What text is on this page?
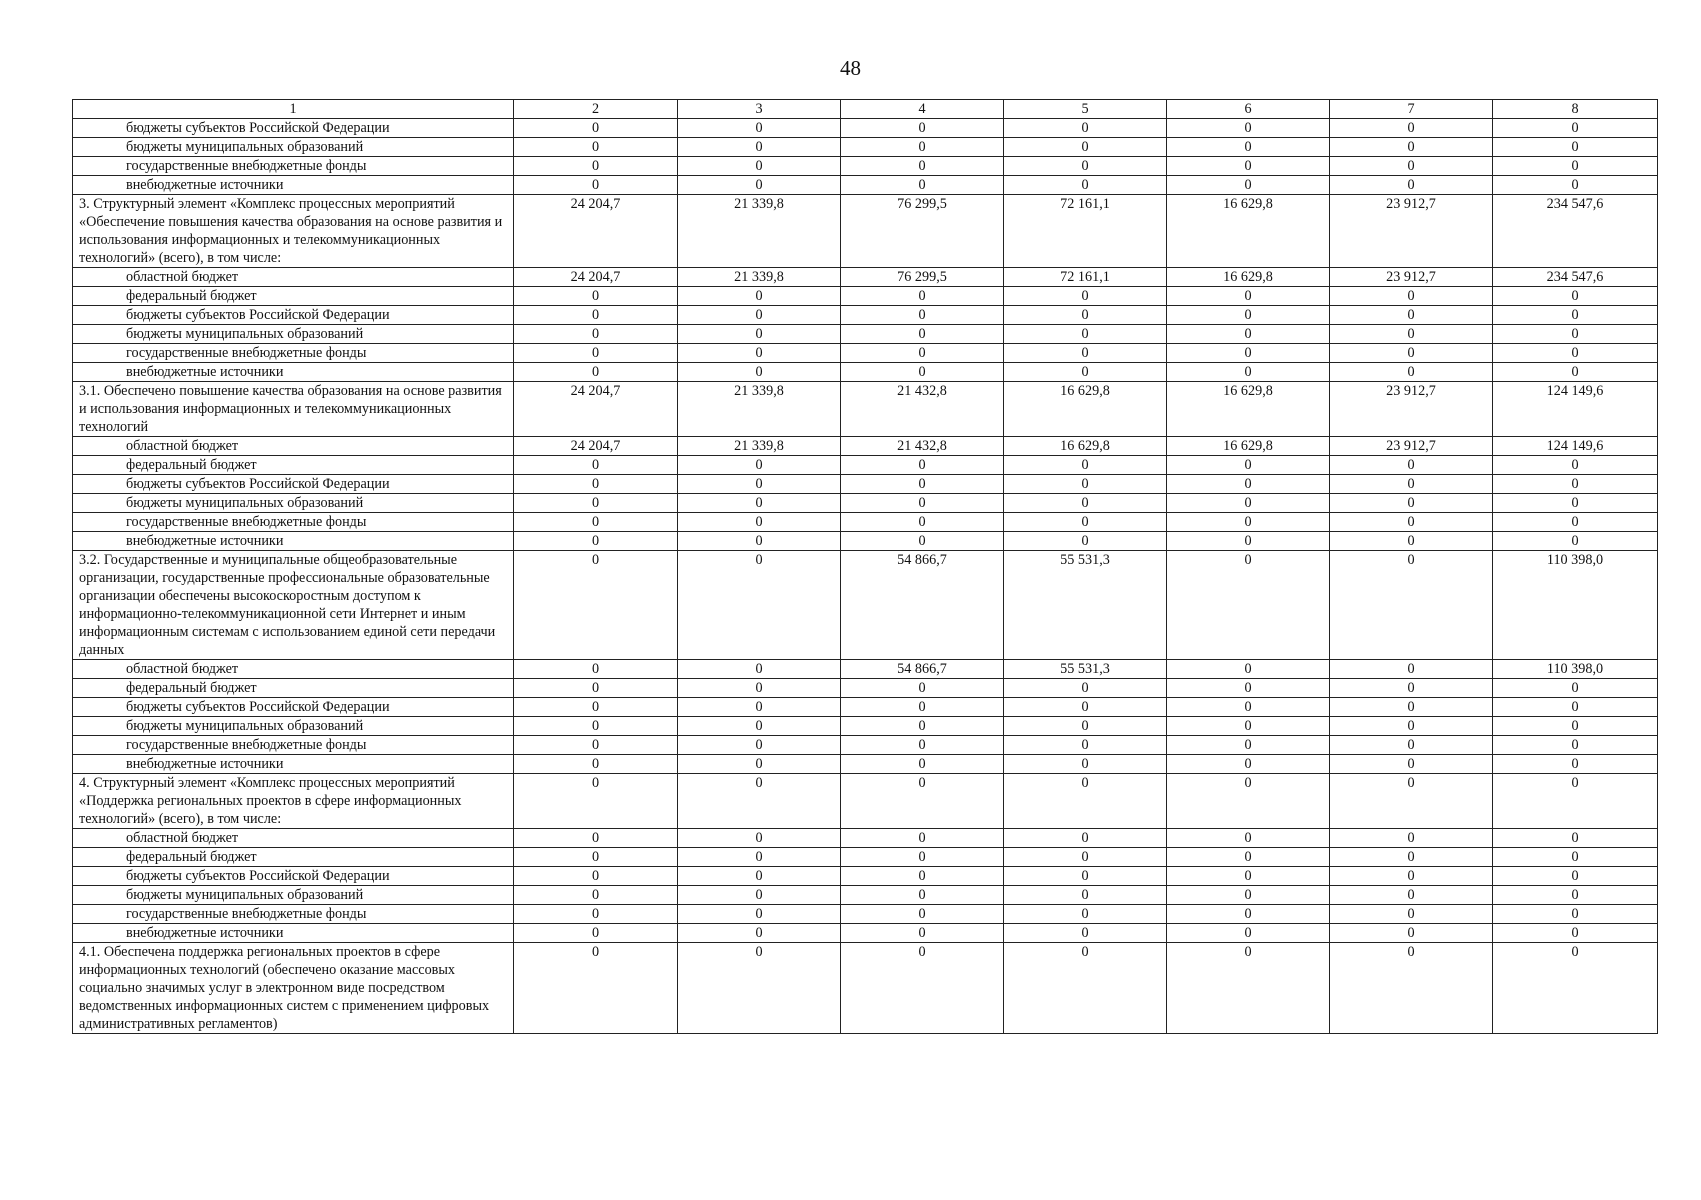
48
1	2	3	4	5	6	7	8
бюджеты субъектов Российской Федерации	0	0	0	0	0	0	0
бюджеты муниципальных образований	0	0	0	0	0	0	0
государственные внебюджетные фонды	0	0	0	0	0	0	0
внебюджетные источники	0	0	0	0	0	0	0
3. Структурный элемент «Комплекс процессных мероприятий «Обеспечение повышения качества образования на основе развития и использования информационных и телекоммуникационных технологий» (всего), в том числе:	24 204,7	21 339,8	76 299,5	72 161,1	16 629,8	23 912,7	234 547,6
областной бюджет	24 204,7	21 339,8	76 299,5	72 161,1	16 629,8	23 912,7	234 547,6
федеральный бюджет	0	0	0	0	0	0	0
бюджеты субъектов Российской Федерации	0	0	0	0	0	0	0
бюджеты муниципальных образований	0	0	0	0	0	0	0
государственные внебюджетные фонды	0	0	0	0	0	0	0
внебюджетные источники	0	0	0	0	0	0	0
3.1. Обеспечено повышение качества образования на основе развития и использования информационных и телекоммуникационных технологий	24 204,7	21 339,8	21 432,8	16 629,8	16 629,8	23 912,7	124 149,6
областной бюджет	24 204,7	21 339,8	21 432,8	16 629,8	16 629,8	23 912,7	124 149,6
федеральный бюджет	0	0	0	0	0	0	0
бюджеты субъектов Российской Федерации	0	0	0	0	0	0	0
бюджеты муниципальных образований	0	0	0	0	0	0	0
государственные внебюджетные фонды	0	0	0	0	0	0	0
внебюджетные источники	0	0	0	0	0	0	0
3.2. Государственные и муниципальные общеобразовательные организации, государственные профессиональные образовательные организации обеспечены высокоскоростным доступом к информационно-телекоммуникационной сети Интернет и иным информационным системам с использованием единой сети передачи данных	0	0	54 866,7	55 531,3	0	0	110 398,0
областной бюджет	0	0	54 866,7	55 531,3	0	0	110 398,0
федеральный бюджет	0	0	0	0	0	0	0
бюджеты субъектов Российской Федерации	0	0	0	0	0	0	0
бюджеты муниципальных образований	0	0	0	0	0	0	0
государственные внебюджетные фонды	0	0	0	0	0	0	0
внебюджетные источники	0	0	0	0	0	0	0
4. Структурный элемент «Комплекс процессных мероприятий «Поддержка региональных проектов в сфере информационных технологий» (всего), в том числе:	0	0	0	0	0	0	0
областной бюджет	0	0	0	0	0	0	0
федеральный бюджет	0	0	0	0	0	0	0
бюджеты субъектов Российской Федерации	0	0	0	0	0	0	0
бюджеты муниципальных образований	0	0	0	0	0	0	0
государственные внебюджетные фонды	0	0	0	0	0	0	0
внебюджетные источники	0	0	0	0	0	0	0
4.1. Обеспечена поддержка региональных проектов в сфере информационных технологий (обеспечено оказание массовых социально значимых услуг в электронном виде посредством ведомственных информационных систем с применением цифровых административных регламентов)	0	0	0	0	0	0	0
